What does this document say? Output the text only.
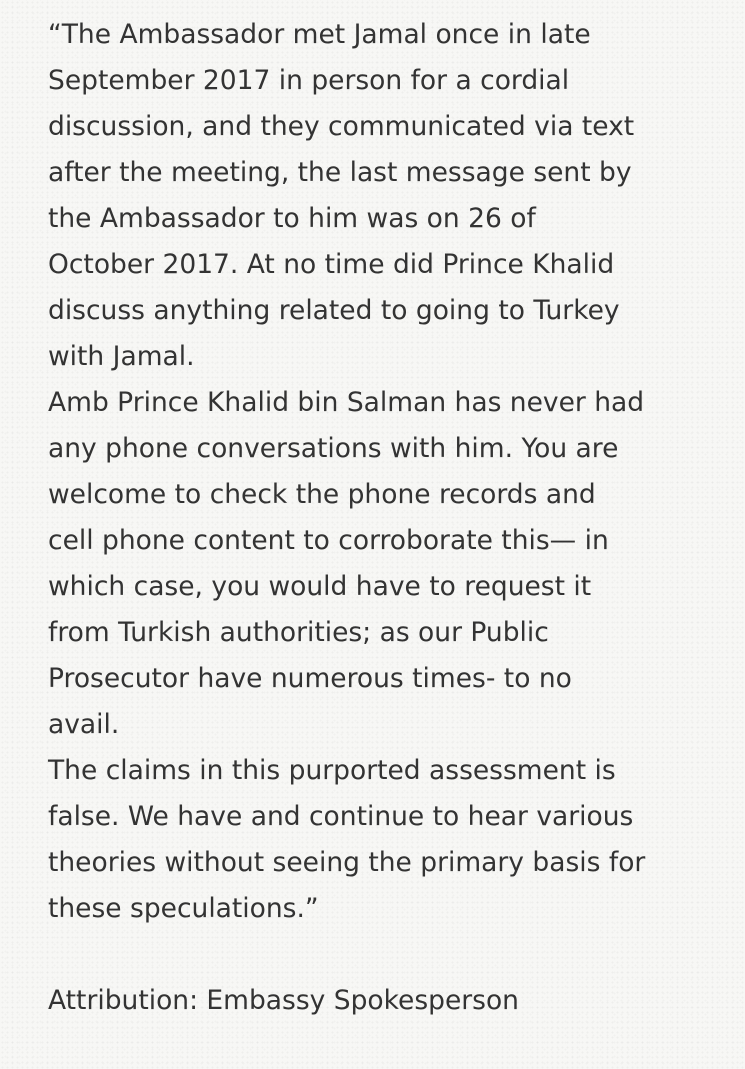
“The Ambassador met Jamal once in late
September 2017 in person for a cordial
discussion, and they communicated via text
after the meeting, the last message sent by
the Ambassador to him was on 26 of
October 2017. At no time did Prince Khalid
discuss anything related to going to Turkey
with Jamal.

Amb Prince Khalid bin Salman has never had
any phone conversations with him. You are
welcome to check the phone records and
cell phone content to corroborate this— in
which case, you would have to request it
from Turkish authorities; as our Public
Prosecutor have numerous times- to no
avail.

The claims in this purported assessment is
false. We have and continue to hear various
theories without seeing the primary basis for
these speculations.”

Attribution: Embassy Spokesperson
